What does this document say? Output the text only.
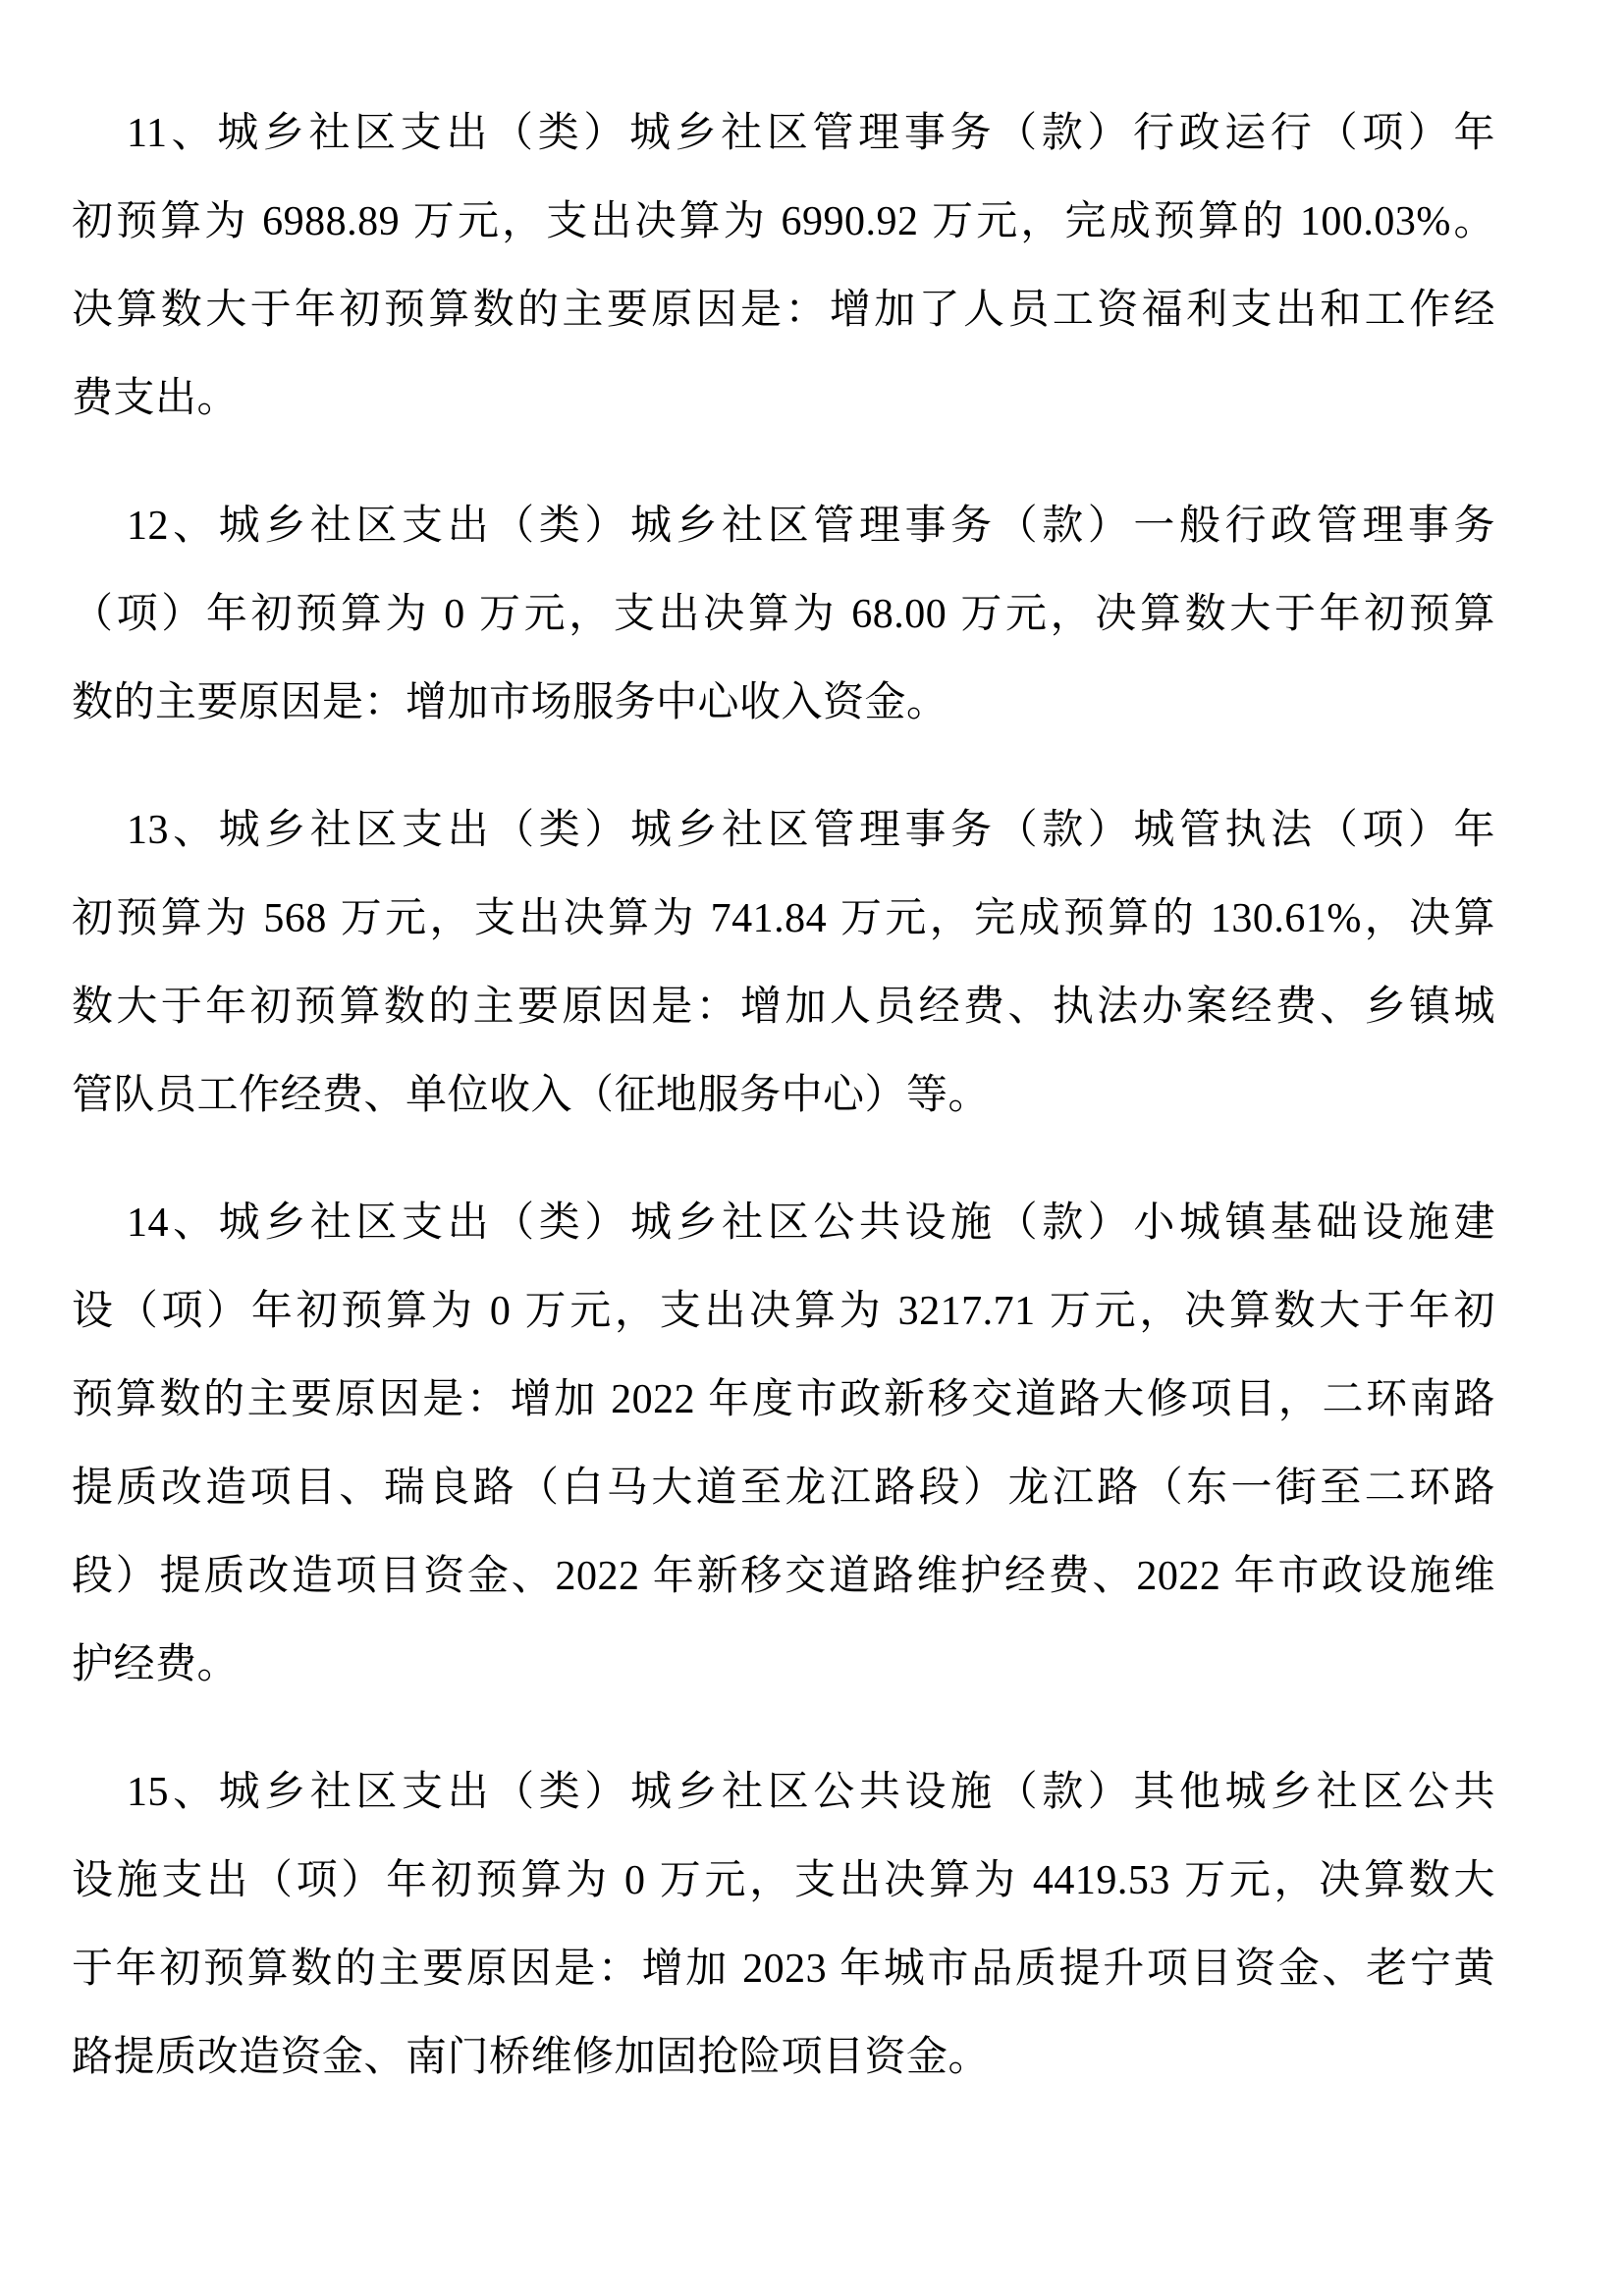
11、城乡社区支出（类）城乡社区管理事务（款）行政运行（项）年
初预算为 6988.89 万元，支出决算为 6990.92 万元，完成预算的 100.03%。
决算数大于年初预算数的主要原因是：增加了人员工资福利支出和工作经
费支出。

12、城乡社区支出（类）城乡社区管理事务（款）一般行政管理事务
（项）年初预算为 0 万元，支出决算为 68.00 万元，决算数大于年初预算
数的主要原因是：增加市场服务中心收入资金。

13、城乡社区支出（类）城乡社区管理事务（款）城管执法（项）年
初预算为 568 万元，支出决算为 741.84 万元，完成预算的 130.61%，决算
数大于年初预算数的主要原因是：增加人员经费、执法办案经费、乡镇城
管队员工作经费、单位收入（征地服务中心）等。

14、城乡社区支出（类）城乡社区公共设施（款）小城镇基础设施建
设（项）年初预算为 0 万元，支出决算为 3217.71 万元，决算数大于年初
预算数的主要原因是：增加 2022 年度市政新移交道路大修项目，二环南路
提质改造项目、瑞良路（白马大道至龙江路段）龙江路（东一街至二环路
段）提质改造项目资金、2022 年新移交道路维护经费、2022 年市政设施维
护经费。

15、城乡社区支出（类）城乡社区公共设施（款）其他城乡社区公共
设施支出（项）年初预算为 0 万元，支出决算为 4419.53 万元，决算数大
于年初预算数的主要原因是：增加 2023 年城市品质提升项目资金、老宁黄
路提质改造资金、南门桥维修加固抢险项目资金。
